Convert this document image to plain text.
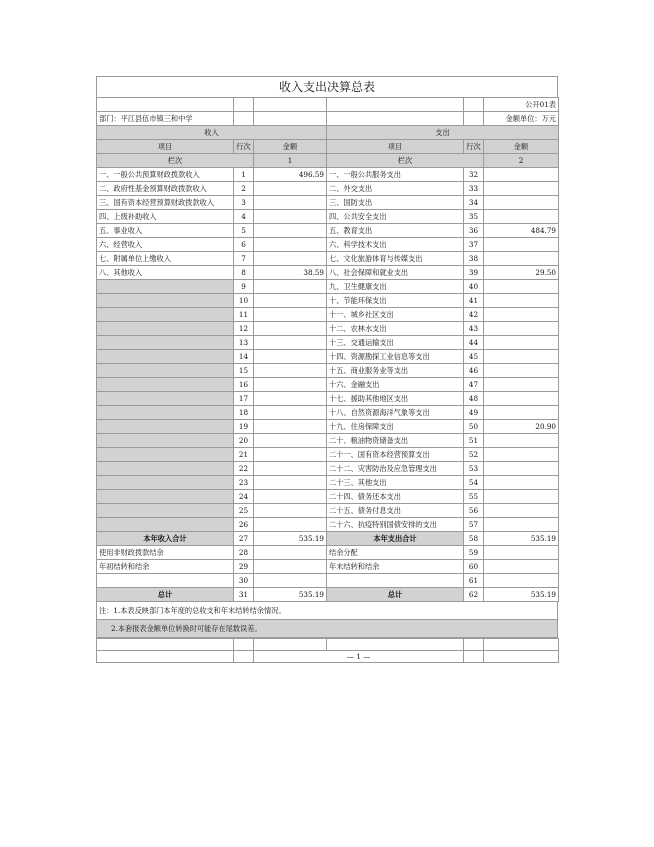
收入支出决算总表
					公开01表
部门：平江县伍市镇三和中学					金额单位：万元
收入			支出		
项目	行次	金额	项目	行次	金额
栏次		1	栏次		2
一、一般公共预算财政拨款收入	1	496.59	一、一般公共服务支出	32	
二、政府性基金预算财政拨款收入	2		二、外交支出	33	
三、国有资本经营预算财政拨款收入	3		三、国防支出	34	
四、上级补助收入	4		四、公共安全支出	35	
五、事业收入	5		五、教育支出	36	484.79
六、经营收入	6		六、科学技术支出	37	
七、附属单位上缴收入	7		七、文化旅游体育与传媒支出	38	
八、其他收入	8	38.59	八、社会保障和就业支出	39	29.50
	9		九、卫生健康支出	40	
	10		十、节能环保支出	41	
	11		十一、城乡社区支出	42	
	12		十二、农林水支出	43	
	13		十三、交通运输支出	44	
	14		十四、资源勘探工业信息等支出	45	
	15		十五、商业服务业等支出	46	
	16		十六、金融支出	47	
	17		十七、援助其他地区支出	48	
	18		十八、自然资源海洋气象等支出	49	
	19		十九、住房保障支出	50	20.90
	20		二十、粮油物资储备支出	51	
	21		二十一、国有资本经营预算支出	52	
	22		二十二、灾害防治及应急管理支出	53	
	23		二十三、其他支出	54	
	24		二十四、债务还本支出	55	
	25		二十五、债务付息支出	56	
	26		二十六、抗疫特别国债安排的支出	57	
本年收入合计	27	535.19	本年支出合计	58	535.19
使用非财政拨款结余	28		结余分配	59	
年初结转和结余	29		年末结转和结余	60	
	30			61	
总计	31	535.19	总计	62	535.19
注：1.本表反映部门本年度的总收支和年末结转结余情况。
2.本套报表金额单位转换时可能存在尾数误差。

		— 1 —			
